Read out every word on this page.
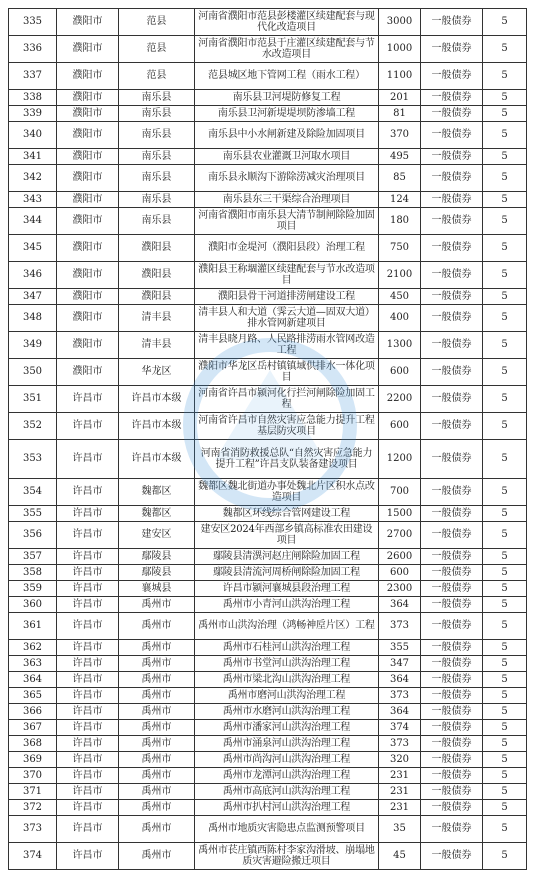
335	濮阳市	范县	河南省濮阳市范县彭楼灌区续建配套与现代化改造项目	3000	一般债券	5
336	濮阳市	范县	河南省濮阳市范县于庄灌区续建配套与节水改造项目	1000	一般债券	5
337	濮阳市	范县	范县城区地下管网工程（雨水工程）	1100	一般债券	5
338	濮阳市	南乐县	南乐县卫河堤防修复工程	201	一般债券	5
339	濮阳市	南乐县	南乐县卫河新堤堤坝防渗墙工程	81	一般债券	5
340	濮阳市	南乐县	南乐县中小水闸新建及除险加固项目	370	一般债券	5
341	濮阳市	南乐县	南乐县农业灌溉卫河取水项目	495	一般债券	5
342	濮阳市	南乐县	南乐县永顺沟下游除涝减灾治理项目	85	一般债券	5
343	濮阳市	南乐县	南乐县东三干渠综合治理项目	124	一般债券	5
344	濮阳市	南乐县	河南省濮阳市南乐县大清节制闸除险加固项目	180	一般债券	5
345	濮阳市	濮阳县	濮阳市金堤河（濮阳县段）治理工程	750	一般债券	5
346	濮阳市	濮阳县	濮阳县王称堌灌区续建配套与节水改造项目	2100	一般债券	5
347	濮阳市	濮阳县	濮阳县骨干河道排涝闸建设工程	450	一般债券	5
348	濮阳市	清丰县	清丰县人和大道（霁云大道—固双大道）排水管网新建项目	400	一般债券	5
349	濮阳市	清丰县	清丰县晓月路、人民路排涝雨水管网改造工程	1300	一般债券	5
350	濮阳市	华龙区	濮阳市华龙区岳村镇镇域供排水一体化项目	600	一般债券	5
351	许昌市	许昌市本级	河南省许昌市颍河化行拦河闸除险加固工程	2200	一般债券	5
352	许昌市	许昌市本级	河南省许昌市自然灾害应急能力提升工程基层防灾项目	600	一般债券	5
353	许昌市	许昌市本级	河南省消防救援总队“自然灾害应急能力提升工程”许昌支队装备建设项目	1200	一般债券	5
354	许昌市	魏都区	魏都区魏北街道办事处魏北片区积水点改造项目	700	一般债券	5
355	许昌市	魏都区	魏都区环线综合管网建设工程	1500	一般债券	5
356	许昌市	建安区	建安区2024年西部乡镇高标准农田建设项目	2700	一般债券	5
357	许昌市	鄢陵县	鄢陵县清潩河赵庄闸除险加固工程	2600	一般债券	5
358	许昌市	鄢陵县	鄢陵县清流河周桥闸除险加固工程	600	一般债券	5
359	许昌市	襄城县	许昌市颍河襄城县段治理工程	2300	一般债券	5
360	许昌市	禹州市	禹州市小青河山洪沟治理工程	364	一般债券	5
361	许昌市	禹州市	禹州市山洪沟治理（鸿畅神垕片区）工程	373	一般债券	5
362	许昌市	禹州市	禹州市石桂河山洪沟治理工程	355	一般债券	5
363	许昌市	禹州市	禹州市书堂河山洪沟治理工程	347	一般债券	5
364	许昌市	禹州市	禹州市梁北沟山洪沟治理工程	364	一般债券	5
365	许昌市	禹州市	禹州市磨河山洪沟治理工程	373	一般债券	5
366	许昌市	禹州市	禹州市水磨河山洪沟治理工程	364	一般债券	5
367	许昌市	禹州市	禹州市潘家河山洪沟治理工程	374	一般债券	5
368	许昌市	禹州市	禹州市涌泉河山洪沟治理工程	373	一般债券	5
369	许昌市	禹州市	禹州市尚沟河山洪沟治理工程	320	一般债券	5
370	许昌市	禹州市	禹州市龙潭河山洪沟治理工程	231	一般债券	5
371	许昌市	禹州市	禹州市高底河山洪沟治理工程	231	一般债券	5
372	许昌市	禹州市	禹州市扒村河山洪沟治理工程	231	一般债券	5
373	许昌市	禹州市	禹州市地质灾害隐患点监测预警项目	35	一般债券	5
374	许昌市	禹州市	禹州市苌庄镇西陈村李家沟滑坡、崩塌地质灾害避险搬迁项目	45	一般债券	5
